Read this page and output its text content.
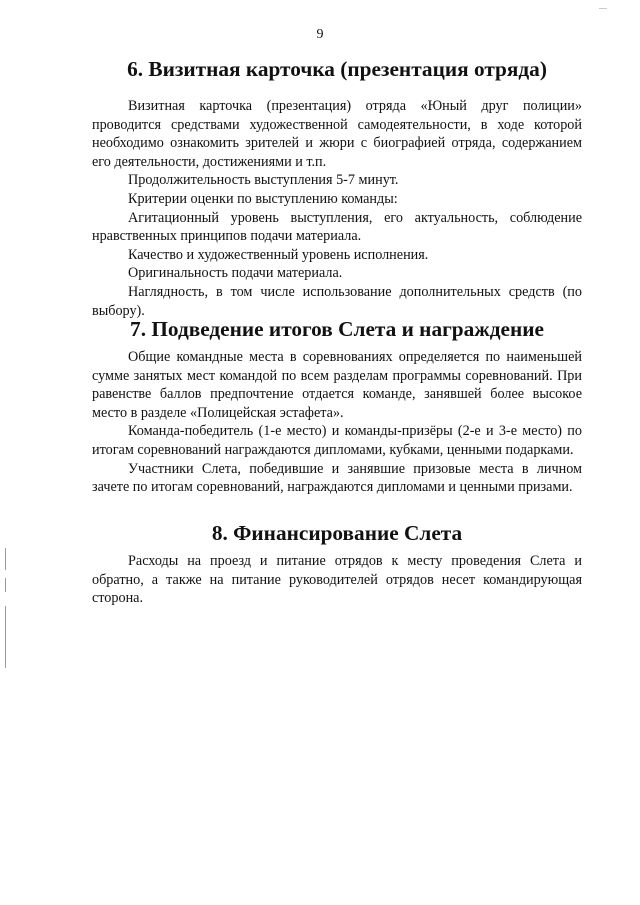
9
6. Визитная карточка (презентация отряда)

Визитная карточка (презентация) отряда «Юный друг полиции» проводится средствами художественной самодеятельности, в ходе которой необходимо ознакомить зрителей и жюри с биографией отряда, содержанием его деятельности, достижениями и т.п.

Продолжительность выступления 5-7 минут.

Критерии оценки по выступлению команды:

Агитационный уровень выступления, его актуальность, соблюдение нравственных принципов подачи материала.

Качество и художественный уровень исполнения.

Оригинальность подачи материала.

Наглядность, в том числе использование дополнительных средств (по выбору).

7. Подведение итогов Слета и награждение

Общие командные места в соревнованиях определяется по наименьшей сумме занятых мест командой по всем разделам программы соревнований. При равенстве баллов предпочтение отдается команде, занявшей более высокое место в разделе «Полицейская эстафета».

Команда-победитель (1-е место) и команды-призёры (2-е и 3-е место) по итогам соревнований награждаются дипломами, кубками, ценными подарками.

Участники Слета, победившие и занявшие призовые места в личном зачете по итогам соревнований, награждаются дипломами и ценными призами.

8. Финансирование Слета

Расходы на проезд и питание отрядов к месту проведения Слета и обратно, а также на питание руководителей отрядов несет командирующая сторона.
